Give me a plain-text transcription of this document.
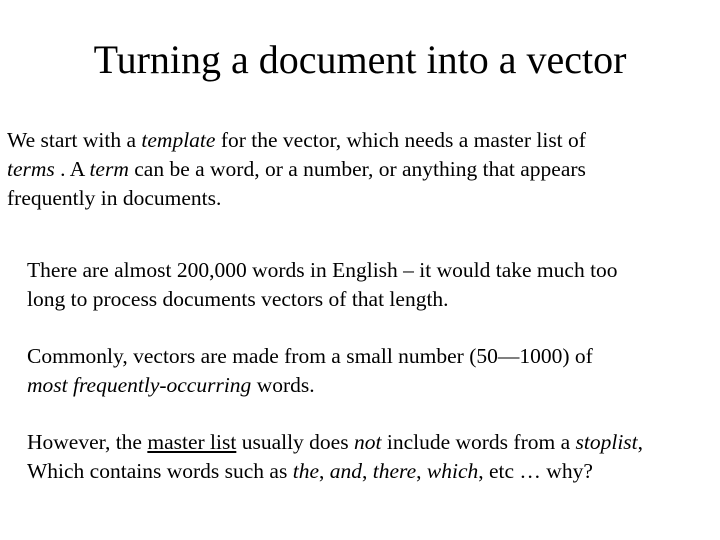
Turning a document into a vector

We start with a template for the vector, which needs a master list of
terms . A term can be a word, or a number, or anything that appears
frequently in documents.

There are almost 200,000 words in English – it would take much too
long to process documents vectors of that length.

Commonly, vectors are made from a small number (50—1000) of
most frequently-occurring words.

However, the master list usually does not include words from a stoplist,
Which contains words such as the, and, there, which, etc … why?
